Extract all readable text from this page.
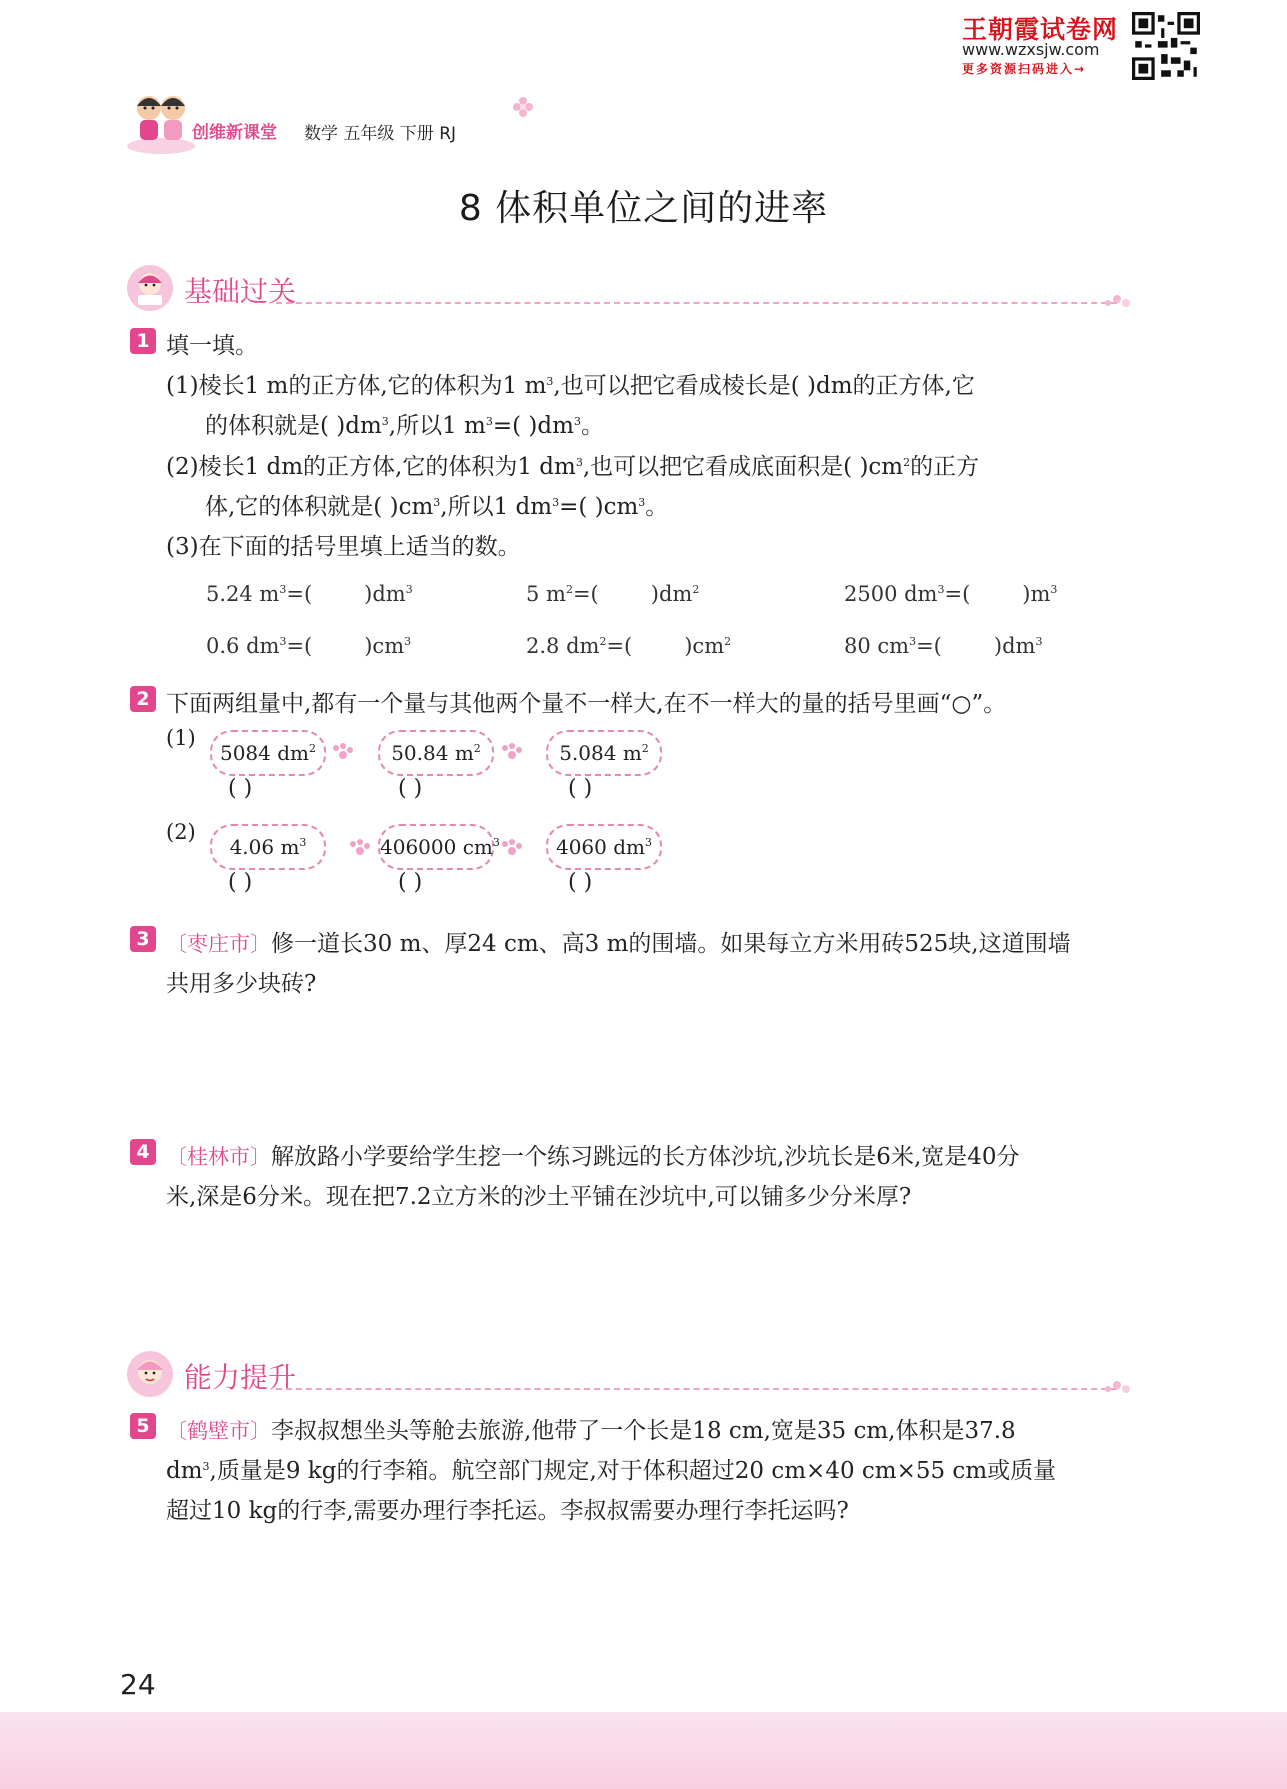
王朝霞试卷网
www.wzxsjw.com
更多资源扫码进入→
创维新课堂 数学 五年级 下册 RJ
8 体积单位之间的进率
基础过关
1 填一填。
(1)棱长1 m的正方体,它的体积为1 $m^3$,也可以把它看成棱长是( )dm的正方体,它
的体积就是( )$dm^3$,所以1 $m^3=$( )$dm^3$。
(2)棱长1 dm的正方体,它的体积为1 $dm^3$,也可以把它看成底面积是( )$cm^2$的正方
体,它的体积就是( )$cm^3$,所以1 $dm^3=$( )$cm^3$。
(3)在下面的括号里填上适当的数。
5.24 $m^3=$( )$dm^3$	5 $m^2=$( )$dm^2$	2500 $dm^3=$( )$m^3$
0.6 $dm^3=$( )$cm^3$	2.8 $dm^2=$( )$cm^2$	80 $cm^3=$( )$dm^3$
2 下面两组量中,都有一个量与其他两个量不一样大,在不一样大的量的括号里画“○”。
(1)
5084 $dm^2$	50.84 $m^2$	5.084 $m^2$
( )	( )	( )
(2)
4.06 $m^3$	406000 $cm^3$	4060 $dm^3$
( )	( )	( )
3 〔枣庄市〕修一道长30 m、厚24 cm、高3 m的围墙。如果每立方米用砖525块,这道围墙
共用多少块砖?
4 〔桂林市〕解放路小学要给学生挖一个练习跳远的长方体沙坑,沙坑长是6米,宽是40分
米,深是6分米。现在把7.2立方米的沙土平铺在沙坑中,可以铺多少分米厚?
能力提升
5 〔鹤壁市〕李叔叔想坐头等舱去旅游,他带了一个长是18 cm,宽是35 cm,体积是37.8
$dm^3$,质量是9 kg的行李箱。航空部门规定,对于体积超过20 cm×40 cm×55 cm或质量
超过10 kg的行李,需要办理行李托运。李叔叔需要办理行李托运吗?
24
